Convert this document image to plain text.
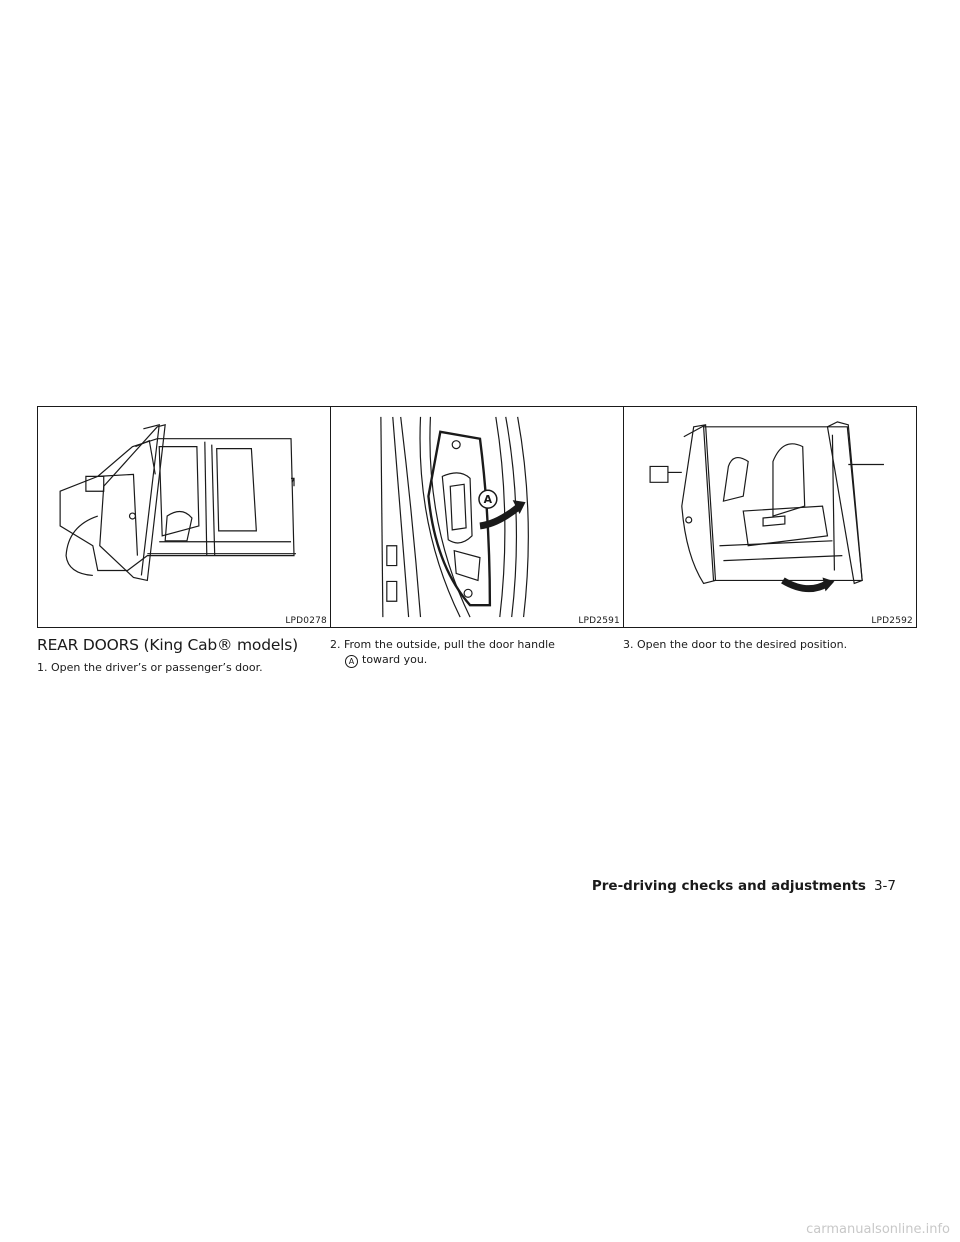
LPD0278
A
LPD2591	LPD2592
REAR DOORS (King Cab® models)

1. Open the driver’s or passenger’s door.

2. From the outside, pull the door handle
A toward you.

3. Open the door to the desired position.

Pre-driving checks and adjustments 3-7
carmanualsonline.info
